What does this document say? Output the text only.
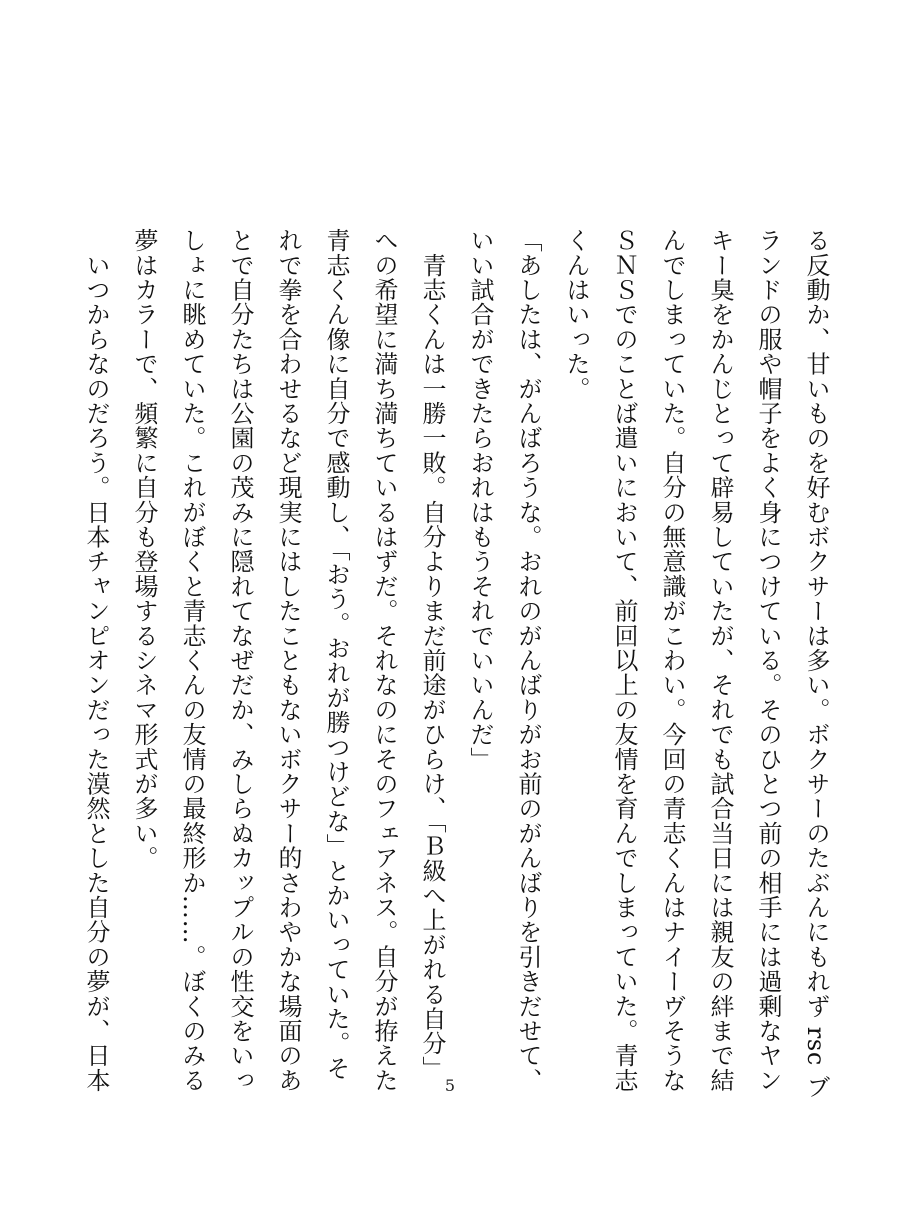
る反動か、甘いものを好むボクサーは多い。ボクサーのたぶんにもれず rsc ブ
ランドの服や帽子をよく身につけている。そのひとつ前の相手には過剰なヤン
キー臭をかんじとって辟易していたが、それでも試合当日には親友の絆まで結
んでしまっていた。自分の無意識がこわい。今回の青志くんはナイーヴそうな
ＳＮＳでのことば遣いにおいて、前回以上の友情を育んでしまっていた。青志
くんはいった。
「あしたは、がんばろうな。おれのがんばりがお前のがんばりを引きだせて、
いい試合ができたらおれはもうそれでいいんだ」
　青志くんは一勝一敗。自分よりまだ前途がひらけ、「Ｂ級へ上がれる自分」
への希望に満ち満ちているはずだ。それなのにそのフェアネス。自分が拵えた
青志くん像に自分で感動し、「おう。おれが勝つけどな」とかいっていた。そ
れで拳を合わせるなど現実にはしたこともないボクサー的さわやかな場面のあ
とで自分たちは公園の茂みに隠れてなぜだか、みしらぬカップルの性交をいっ
しょに眺めていた。これがぼくと青志くんの友情の最終形か……。ぼくのみる
夢はカラーで、頻繁に自分も登場するシネマ形式が多い。
　いつからなのだろう。日本チャンピオンだった漠然とした自分の夢が、日本	5
